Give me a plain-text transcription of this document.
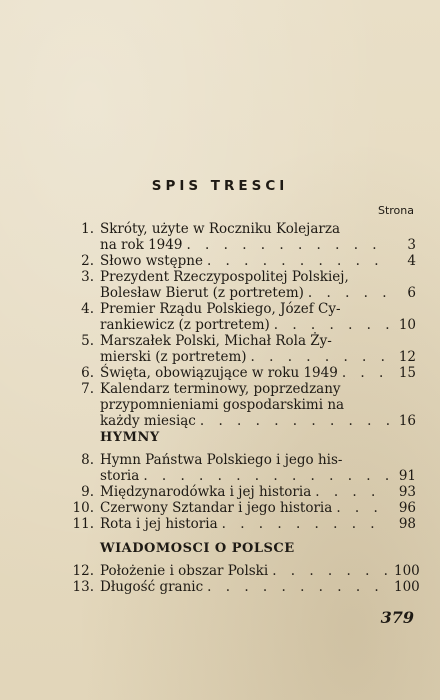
SPIS TRESCI
Strona
1. Skróty, użyte w Roczniku Kolejarza
na rok 1949 . . .	3
2. Słowo wstępne . . .	4
3. Prezydent Rzeczypospolitej Polskiej,
Bolesław Bierut (z portretem) . . .	6
4. Premier Rządu Polskiego, Józef Cy-
rankiewicz (z portretem) . . .	10
5. Marszałek Polski, Michał Rola Ży-
mierski (z portretem) . . .	12
6. Święta, obowiązujące w roku 1949 . . .	15
7. Kalendarz terminowy, poprzedzany
przypomnieniami gospodarskimi na
każdy miesiąc . . .	16
HYMNY
8. Hymn Państwa Polskiego i jego his-
storia . . .	91
9. Międzynarodówka i jej historia . . .	93
10. Czerwony Sztandar i jego historia . . .	96
11. Rota i jej historia . . .	98
WIADOMOSCI O POLSCE
12. Położenie i obszar Polski . . .	100
13. Długość granic . . .	100
379
